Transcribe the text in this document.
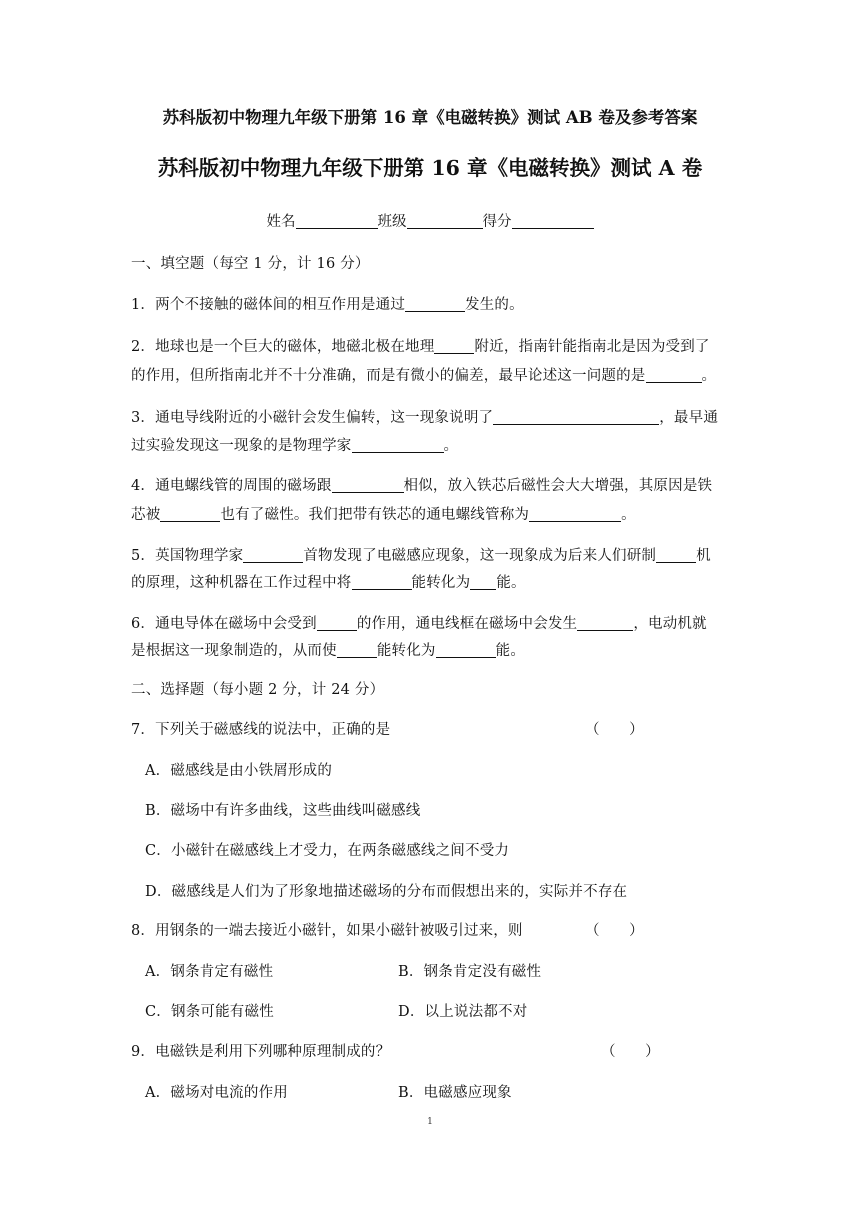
苏科版初中物理九年级下册第 16 章《电磁转换》测试 AB 卷及参考答案
苏科版初中物理九年级下册第 16 章《电磁转换》测试 A 卷
姓名	班级	得分
一、填空题（每空 1 分，计 16 分）
1．两个不接触的磁体间的相互作用是通过	发生的。
2．地球也是一个巨大的磁体，地磁北极在地理	附近，指南针能指南北是因为受到了
的作用，但所指南北并不十分准确，而是有微小的偏差，最早论述这一问题的是	。
3．通电导线附近的小磁针会发生偏转，这一现象说明了	，最早通
过实验发现这一现象的是物理学家	。
4．通电螺线管的周围的磁场跟	相似，放入铁芯后磁性会大大增强，其原因是铁
芯被	也有了磁性。我们把带有铁芯的通电螺线管称为	。
5．英国物理学家	首物发现了电磁感应现象，这一现象成为后来人们研制	机
的原理，这种机器在工作过程中将	能转化为 能。
6．通电导体在磁场中会受到	的作用，通电线框在磁场中会发生	，电动机就
是根据这一现象制造的，从而使	能转化为	能。
二、选择题（每小题 2 分，计 24 分）
7．下列关于磁感线的说法中，正确的是	（　　）
A．磁感线是由小铁屑形成的
B．磁场中有许多曲线，这些曲线叫磁感线
C．小磁针在磁感线上才受力，在两条磁感线之间不受力
D．磁感线是人们为了形象地描述磁场的分布而假想出来的，实际并不存在
8．用钢条的一端去接近小磁针，如果小磁针被吸引过来，则	（　　）
A．钢条肯定有磁性	B．钢条肯定没有磁性
C．钢条可能有磁性	D．以上说法都不对
9．电磁铁是利用下列哪种原理制成的？	（　　）
A．磁场对电流的作用	B．电磁感应现象
1
